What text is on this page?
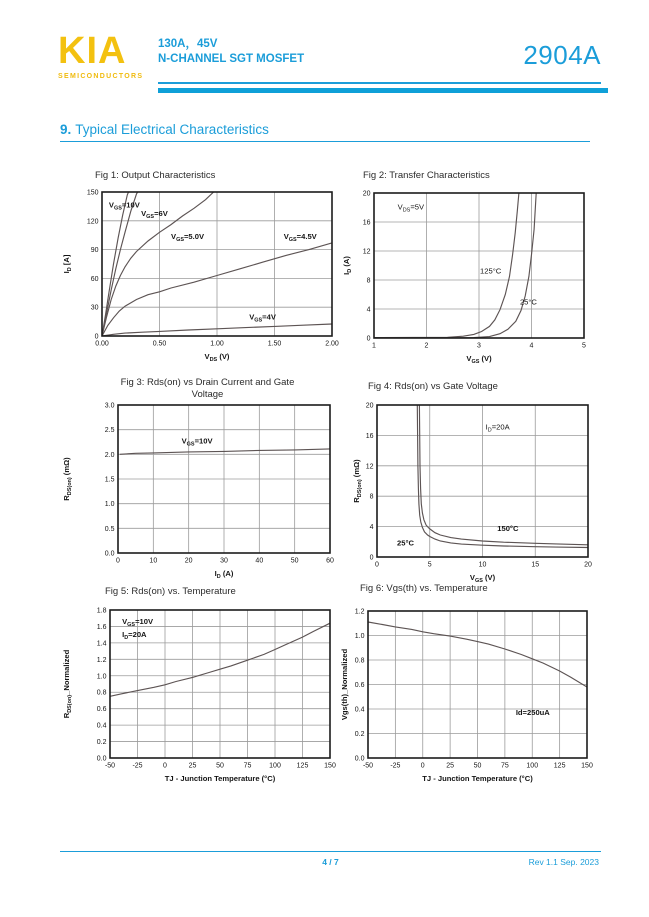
KIA
SEMICONDUCTORS
130A，45V
N-CHANNEL SGT MOSFET	2904A
9. Typical Electrical Characteristics
Fig 1: Output Characteristics
0.00	0.50	1.00	1.50	2.00
0
30
60
90
120
150
$V_{DS}$ (V)
$I_D$ [A]
$V_{GS}=10V$
$V_{GS}=6V$
$V_{GS}=5.0V$	$V_{GS}=4.5V$
$V_{GS}=4V$
Fig 2: Transfer Characteristics
1	2	3	4	5
0
4
8
12
16
20
$V_{GS}$ (V)
$I_D$ (A)
$V_{DS}=5V$
125°C
25°C
Fig 3: Rds(on) vs Drain Current and Gate
Voltage
0	10	20	30	40	50	60
0.0
0.5
1.0
1.5
2.0
2.5
3.0
$I_D$ (A)
$R_{DS(on)}$ (mΩ)
$V_{GS}=10V$
Fig 4: Rds(on) vs Gate Voltage
0	5	10	15	20
0
4
8
12
16
20
$V_{GS}$ (V)
$R_{DS(on)}$ (mΩ)
$I_D=20A$
150°C
25°C
Fig 5: Rds(on) vs. Temperature
-50 -25	0	25	50	75	100 125 150
0.0
0.2
0.4
0.6
0.8
1.0
1.2
1.4
1.6
1.8
TJ - Junction Temperature (°C)
$R_{DS(on)}\_Normalized$
$V_{GS}=10V$
$I_D=20A$
Fig 6: Vgs(th) vs. Temperature
-50 -25	0	25	50	75	100 125 150
0.0
0.2
0.4
0.6
0.8
1.0
1.2
TJ - Junction Temperature (°C)
Vgs(th)_Normalized	Id=250uA
4 / 7	Rev 1.1 Sep. 2023
